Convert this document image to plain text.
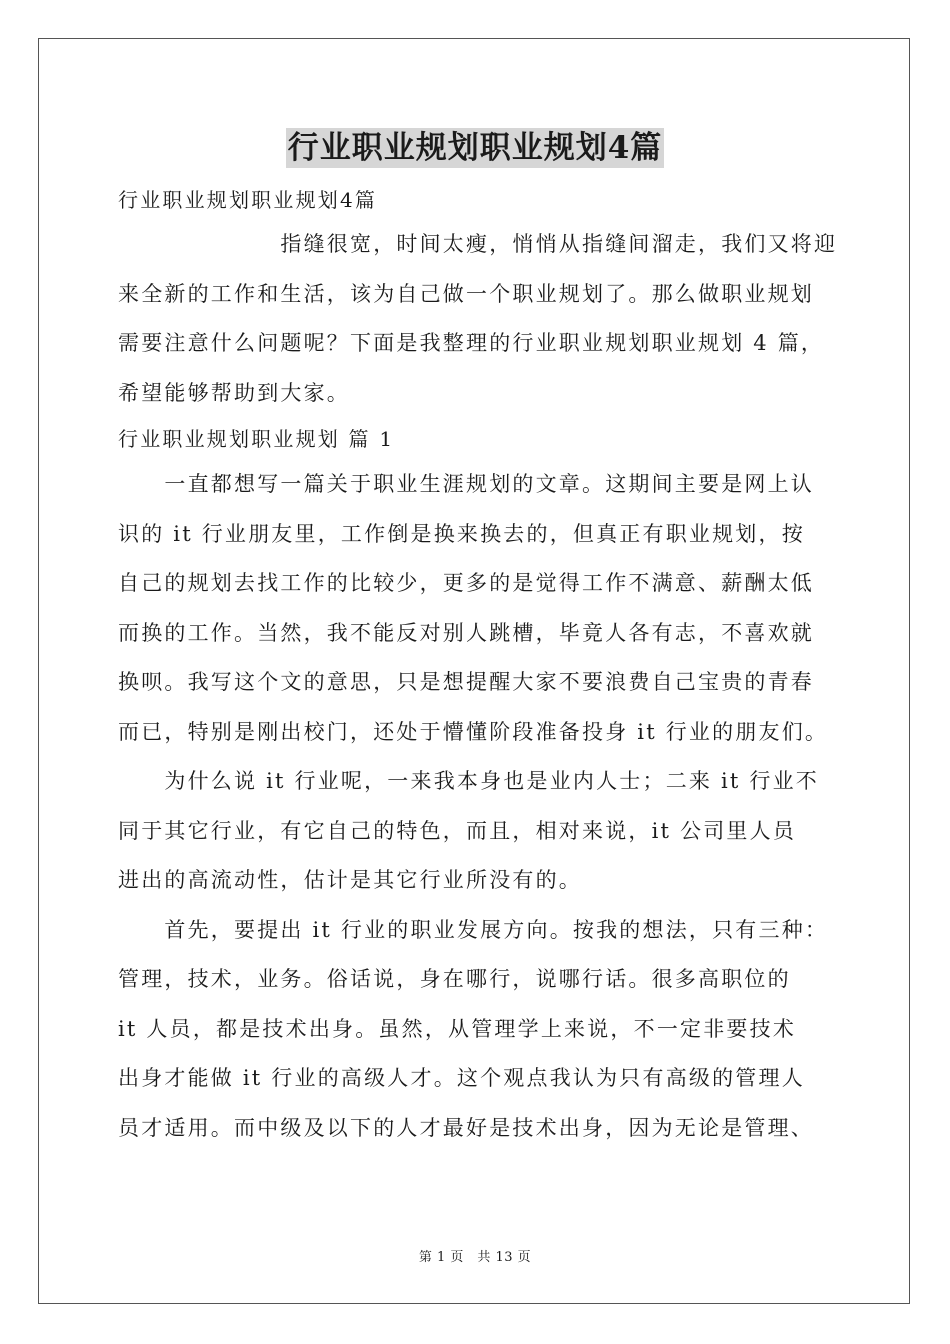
行业职业规划职业规划4篇
行业职业规划职业规划4篇
　　　　　　　指缝很宽，时间太瘦，悄悄从指缝间溜走，我们又将迎
来全新的工作和生活，该为自己做一个职业规划了。那么做职业规划
需要注意什么问题呢？下面是我整理的行业职业规划职业规划 4 篇，
希望能够帮助到大家。
行业职业规划职业规划 篇 1
　　一直都想写一篇关于职业生涯规划的文章。这期间主要是网上认
识的 it 行业朋友里，工作倒是换来换去的，但真正有职业规划，按
自己的规划去找工作的比较少，更多的是觉得工作不满意、薪酬太低
而换的工作。当然，我不能反对别人跳槽，毕竟人各有志，不喜欢就
换呗。我写这个文的意思，只是想提醒大家不要浪费自己宝贵的青春
而已，特别是刚出校门，还处于懵懂阶段准备投身 it 行业的朋友们。
　　为什么说 it 行业呢，一来我本身也是业内人士；二来 it 行业不
同于其它行业，有它自己的特色，而且，相对来说，it 公司里人员
进出的高流动性，估计是其它行业所没有的。
　　首先，要提出 it 行业的职业发展方向。按我的想法，只有三种：
管理，技术，业务。俗话说，身在哪行，说哪行话。很多高职位的
it 人员，都是技术出身。虽然，从管理学上来说，不一定非要技术
出身才能做 it 行业的高级人才。这个观点我认为只有高级的管理人
员才适用。而中级及以下的人才最好是技术出身，因为无论是管理、
第 1 页　共 13 页
